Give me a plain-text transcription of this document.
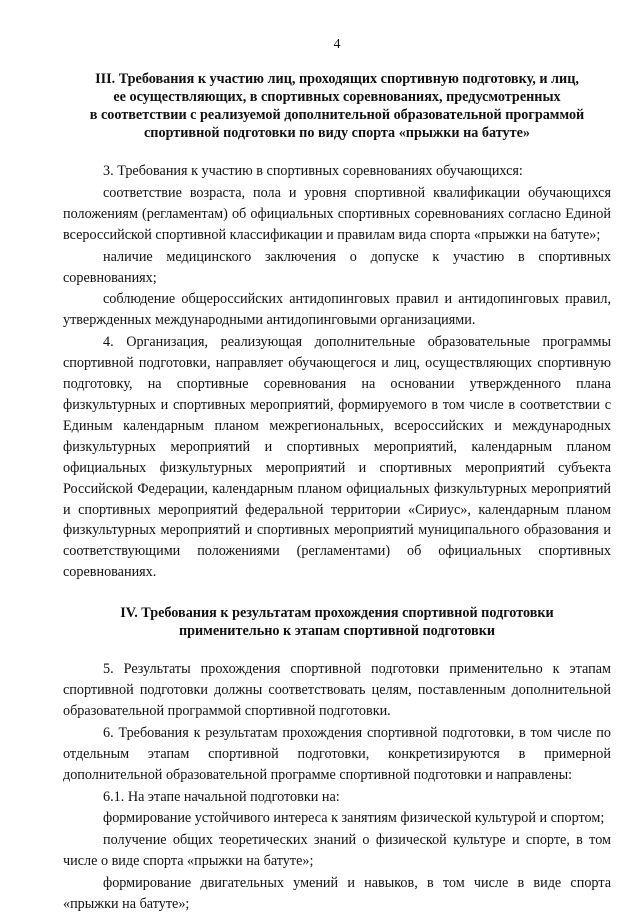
4
III. Требования к участию лиц, проходящих спортивную подготовку, и лиц,
ее осуществляющих, в спортивных соревнованиях, предусмотренных
в соответствии с реализуемой дополнительной образовательной программой
спортивной подготовки по виду спорта «прыжки на батуте»

3. Требования к участию в спортивных соревнованиях обучающихся:

соответствие возраста, пола и уровня спортивной квалификации обучающихся положениям (регламентам) об официальных спортивных соревнованиях согласно Единой всероссийской спортивной классификации и правилам вида спорта «прыжки на батуте»;

наличие медицинского заключения о допуске к участию в спортивных соревнованиях;

соблюдение общероссийских антидопинговых правил и антидопинговых правил, утвержденных международными антидопинговыми организациями.

4. Организация, реализующая дополнительные образовательные программы спортивной подготовки, направляет обучающегося и лиц, осуществляющих спортивную подготовку, на спортивные соревнования на основании утвержденного плана физкультурных и спортивных мероприятий, формируемого в том числе в соответствии с Единым календарным планом межрегиональных, всероссийских и международных физкультурных мероприятий и спортивных мероприятий, календарным планом официальных физкультурных мероприятий и спортивных мероприятий субъекта Российской Федерации, календарным планом официальных физкультурных мероприятий и спортивных мероприятий федеральной территории «Сириус», календарным планом физкультурных мероприятий и спортивных мероприятий муниципального образования и соответствующими положениями (регламентами) об официальных спортивных соревнованиях.

IV. Требования к результатам прохождения спортивной подготовки
применительно к этапам спортивной подготовки

5. Результаты прохождения спортивной подготовки применительно к этапам спортивной подготовки должны соответствовать целям, поставленным дополнительной образовательной программой спортивной подготовки.

6. Требования к результатам прохождения спортивной подготовки, в том числе по отдельным этапам спортивной подготовки, конкретизируются в примерной дополнительной образовательной программе спортивной подготовки и направлены:

6.1. На этапе начальной подготовки на:

формирование устойчивого интереса к занятиям физической культурой и спортом;

получение общих теоретических знаний о физической культуре и спорте, в том числе о виде спорта «прыжки на батуте»;

формирование двигательных умений и навыков, в том числе в виде спорта «прыжки на батуте»;
